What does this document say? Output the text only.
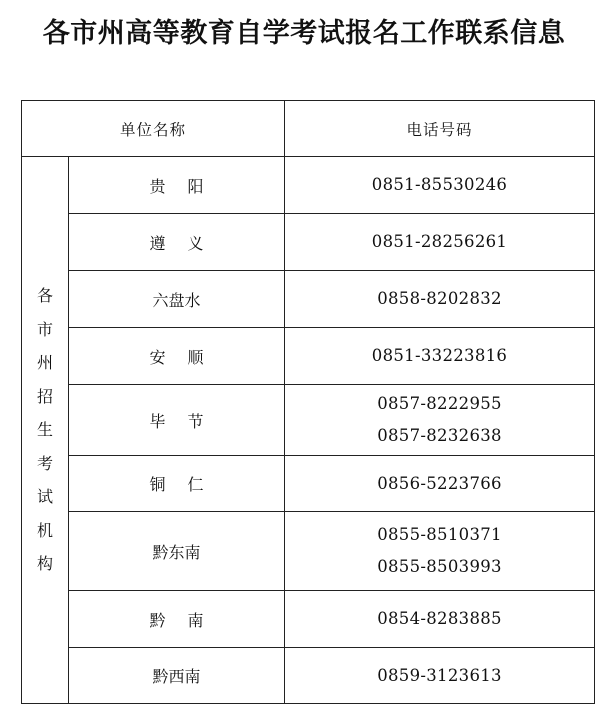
各市州高等教育自学考试报名工作联系信息
单位名称		电话号码
各市州招生考试机构	贵阳	0851-85530246

	遵义	0851-28256261

	六盘水	0858-8202832

	安顺	0851-33223816

	毕节	0857-8222955
0857-8232638

	铜仁	0856-5223766

	黔东南	0855-8510371
0855-8503993

	黔南	0854-8283885

	黔西南	0859-3123613
